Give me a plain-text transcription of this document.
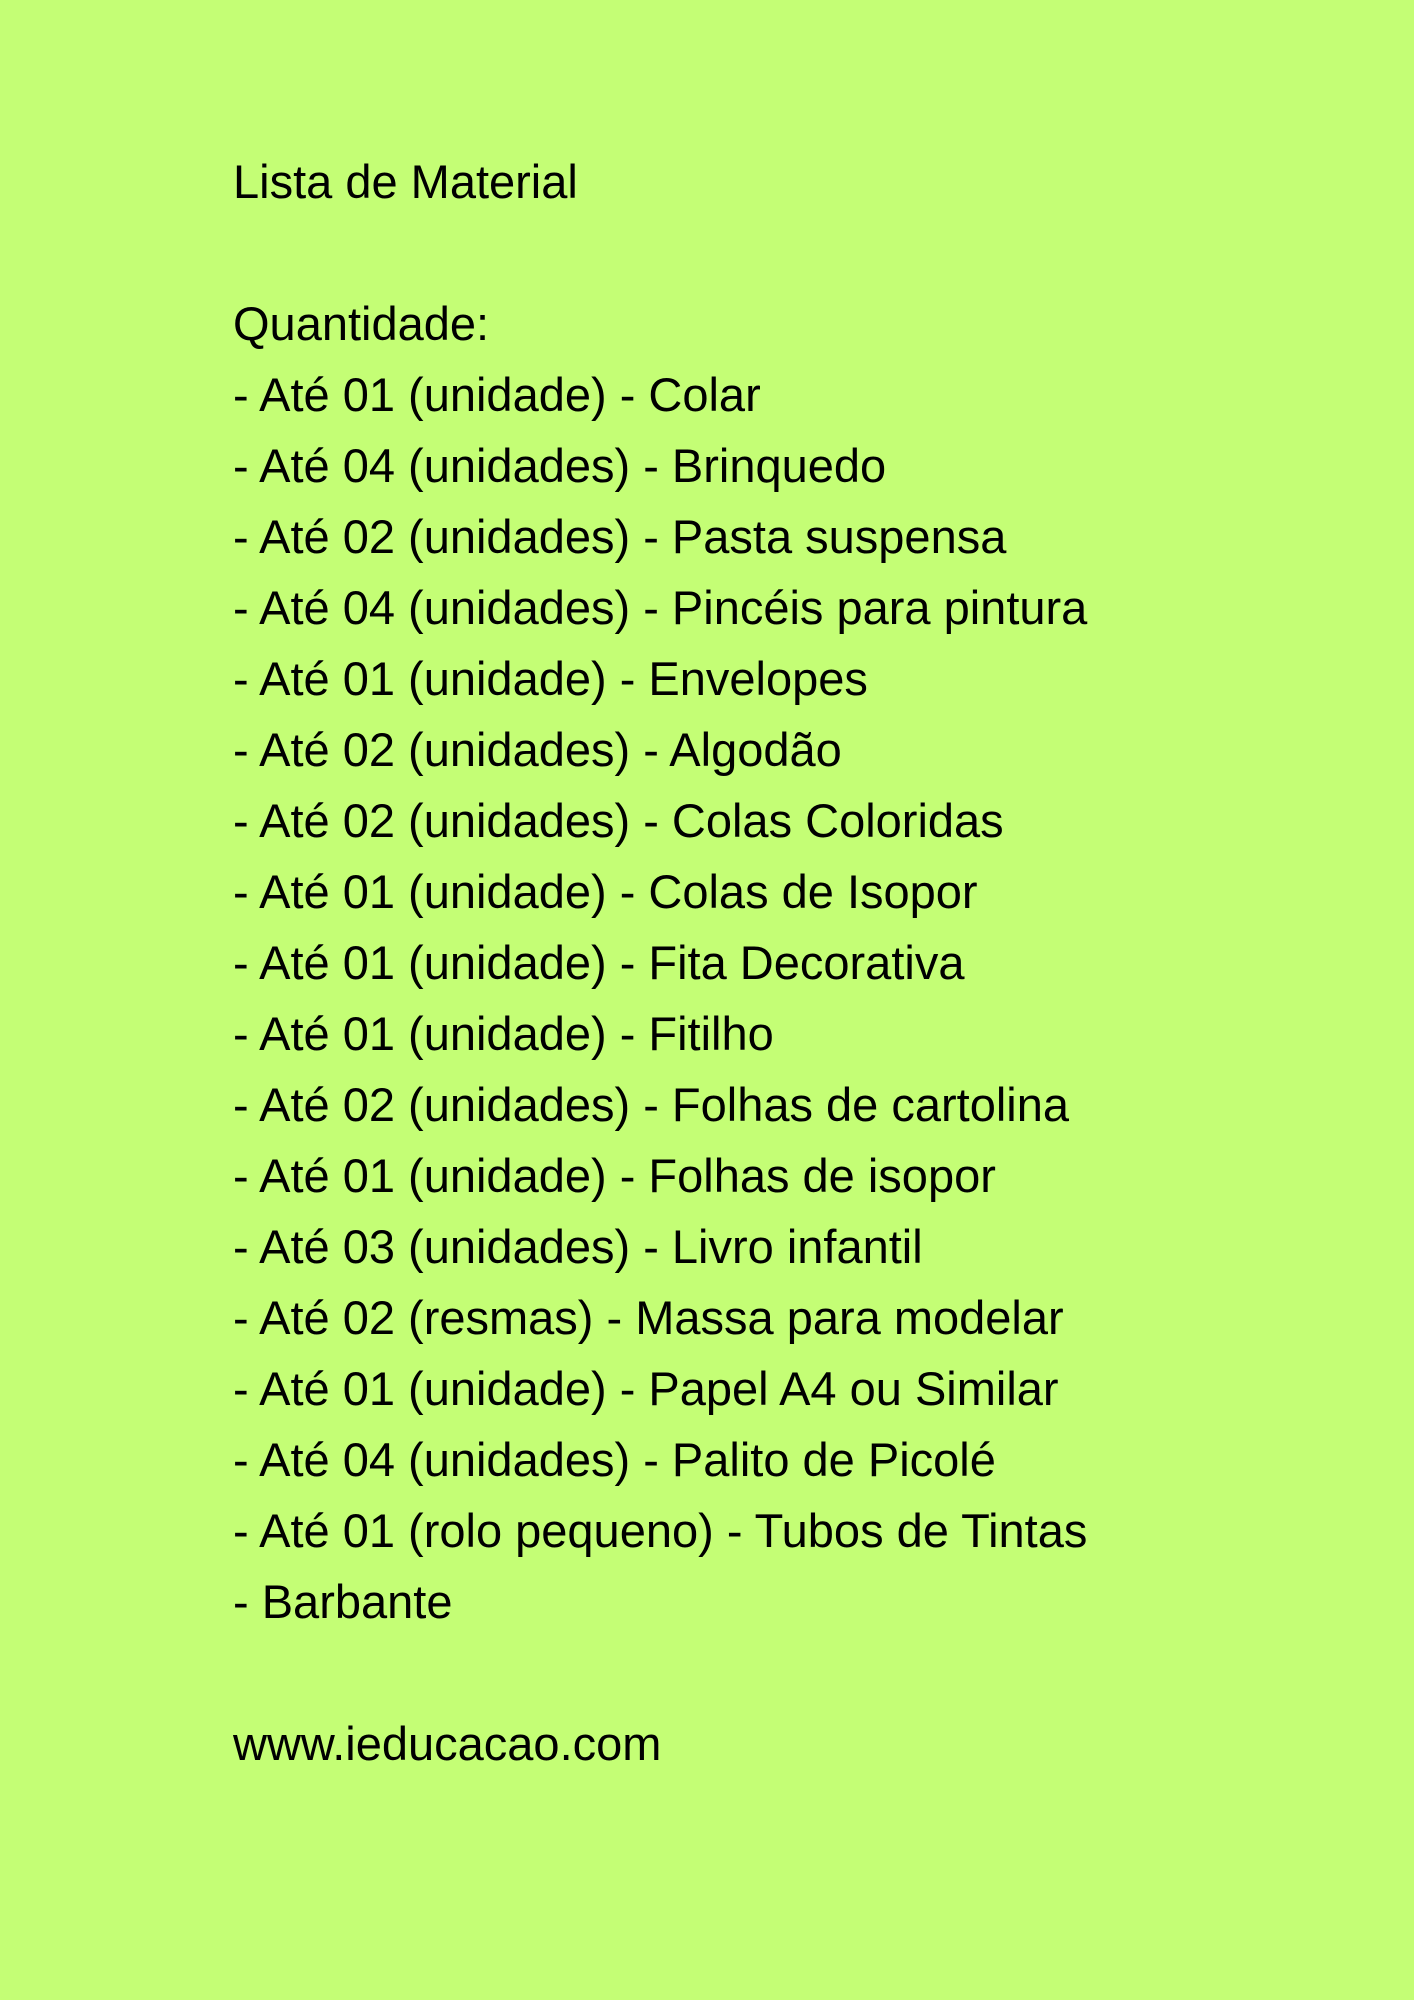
Lista de Material
Quantidade:
- Até 01 (unidade) - Colar
- Até 04 (unidades) - Brinquedo
- Até 02 (unidades) - Pasta suspensa
- Até 04 (unidades) - Pincéis para pintura
- Até 01 (unidade) - Envelopes
- Até 02 (unidades) - Algodão
- Até 02 (unidades) - Colas Coloridas
- Até 01 (unidade) - Colas de Isopor
- Até 01 (unidade) - Fita Decorativa
- Até 01 (unidade) - Fitilho
- Até 02 (unidades) - Folhas de cartolina
- Até 01 (unidade) - Folhas de isopor
- Até 03 (unidades) - Livro infantil
- Até 02 (resmas) - Massa para modelar
- Até 01 (unidade) - Papel A4 ou Similar
- Até 04 (unidades) - Palito de Picolé
- Até 01 (rolo pequeno) - Tubos de Tintas
- Barbante
www.ieducacao.com
